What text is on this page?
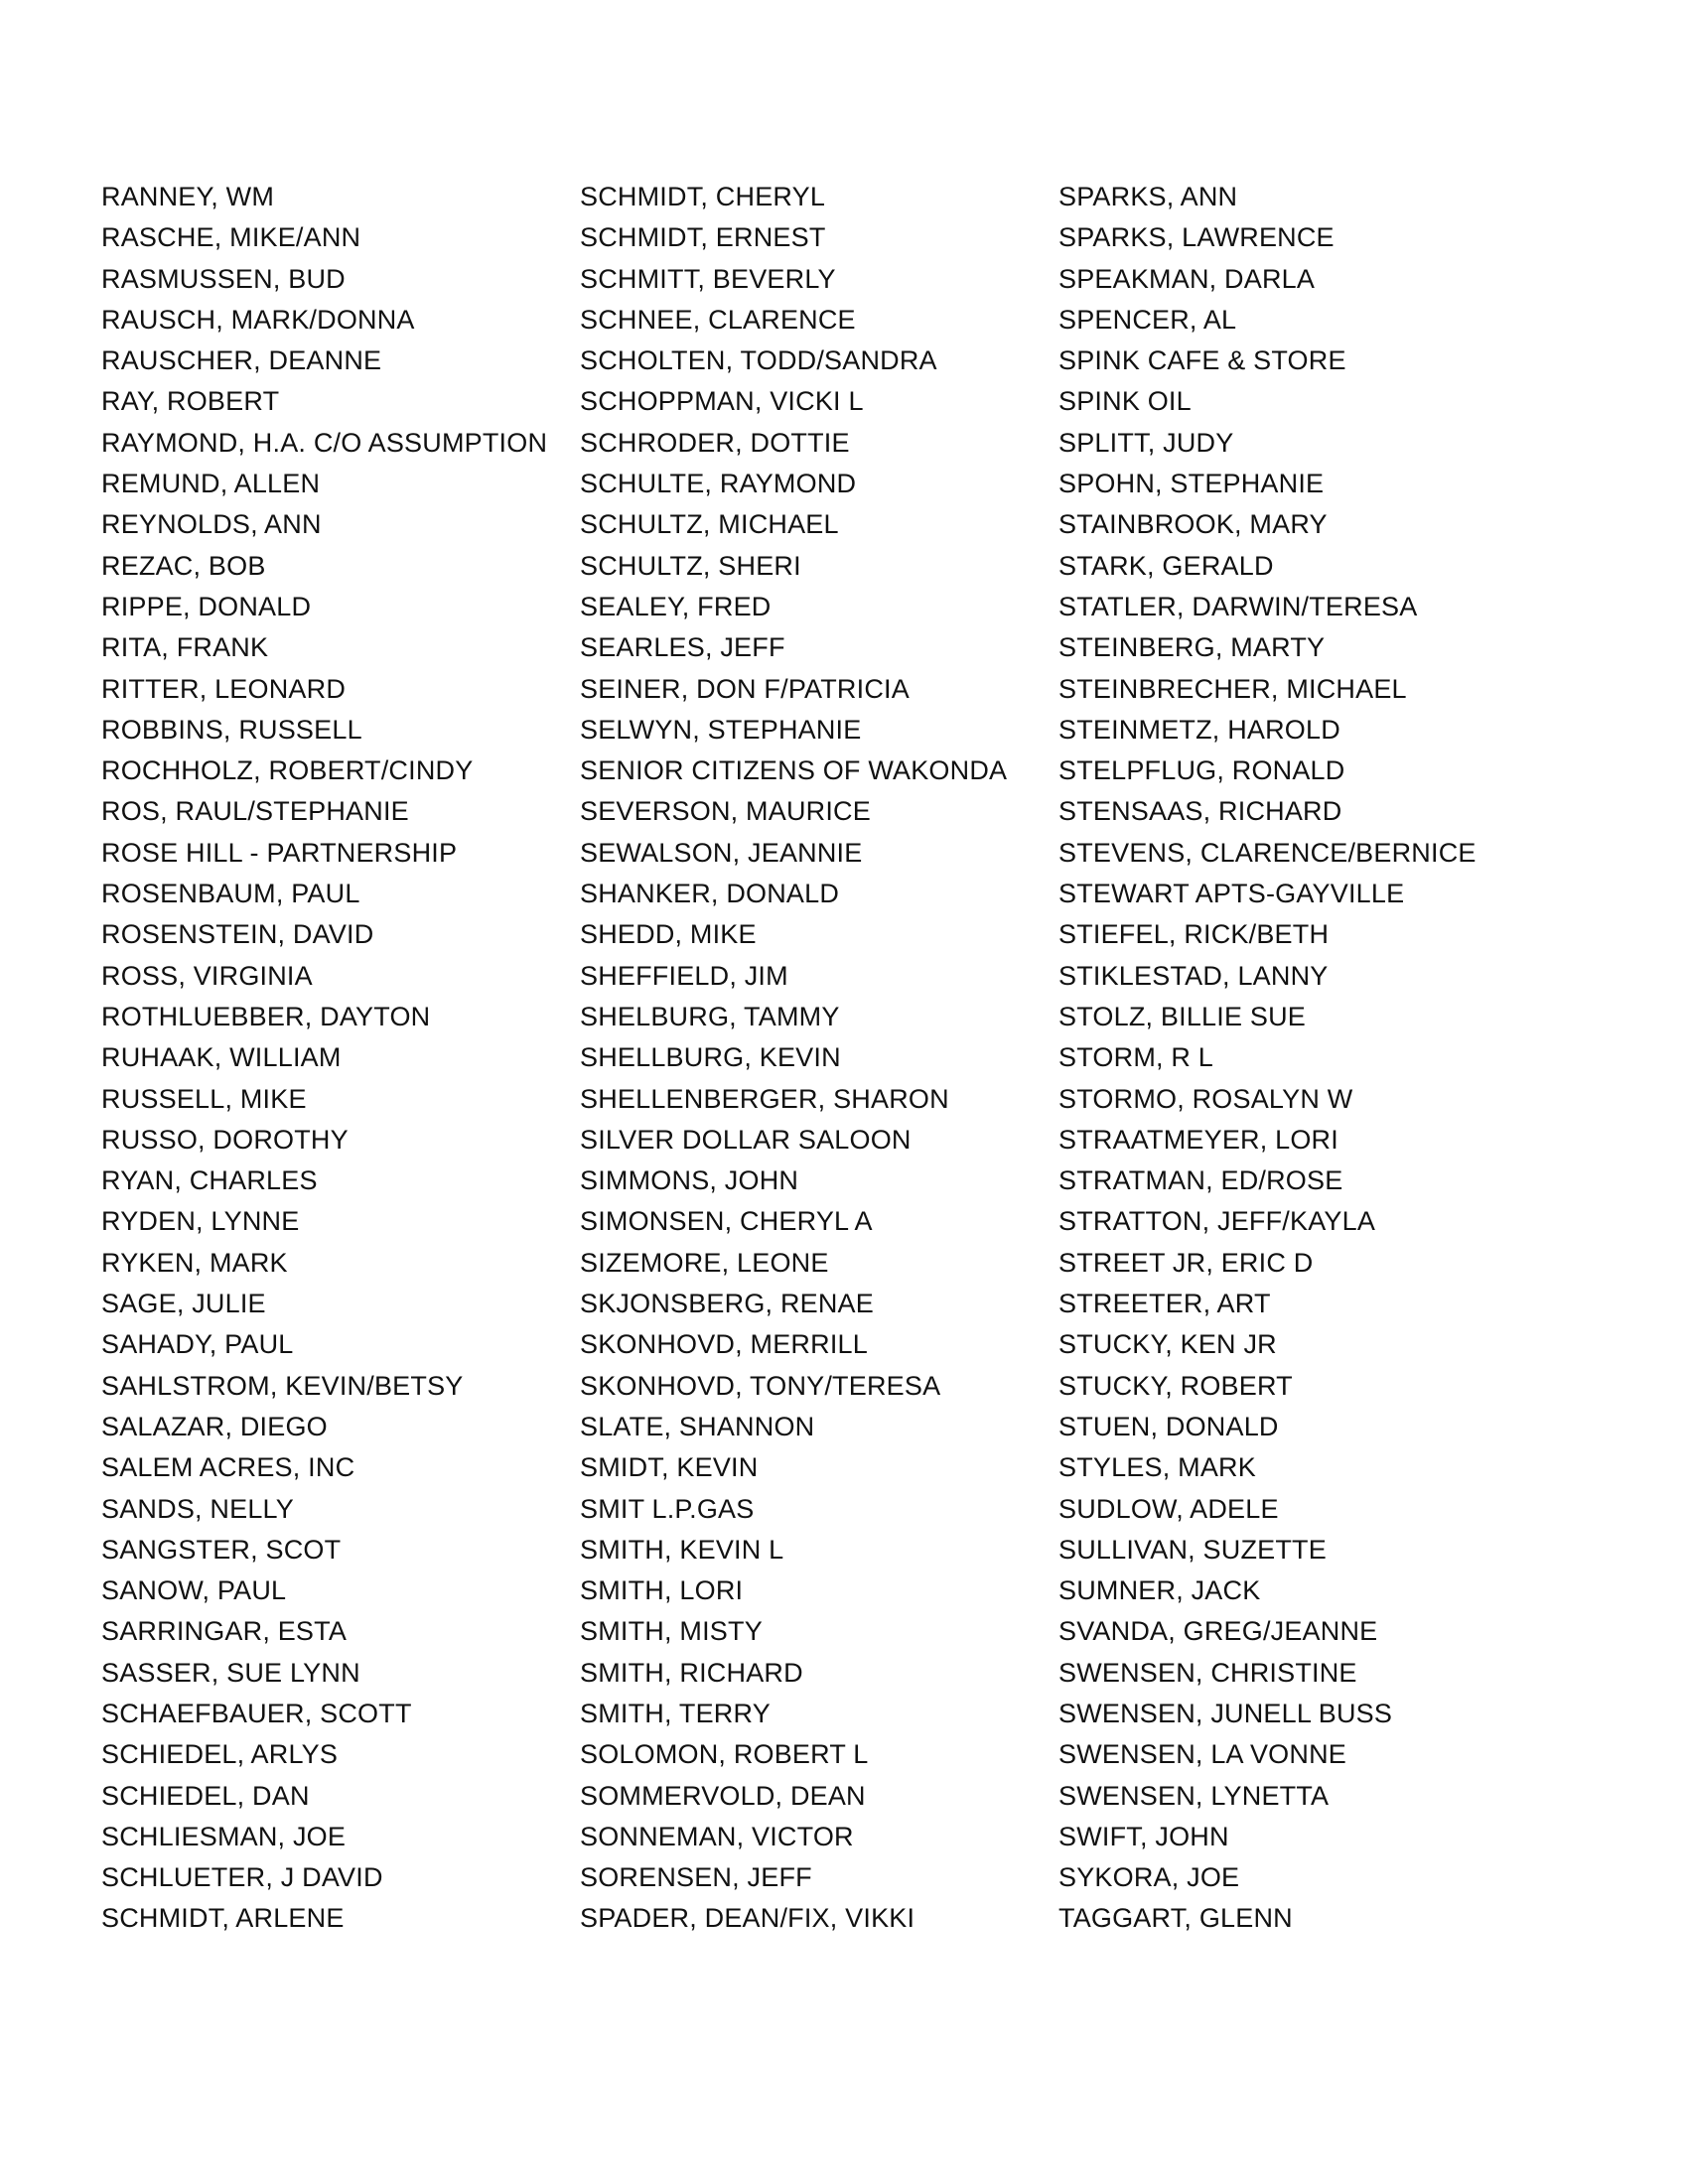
RANNEY, WM
RASCHE, MIKE/ANN
RASMUSSEN, BUD
RAUSCH, MARK/DONNA
RAUSCHER, DEANNE
RAY, ROBERT
RAYMOND, H.A. C/O ASSUMPTION
REMUND, ALLEN
REYNOLDS, ANN
REZAC, BOB
RIPPE, DONALD
RITA, FRANK
RITTER, LEONARD
ROBBINS, RUSSELL
ROCHHOLZ, ROBERT/CINDY
ROS, RAUL/STEPHANIE
ROSE HILL - PARTNERSHIP
ROSENBAUM, PAUL
ROSENSTEIN, DAVID
ROSS, VIRGINIA
ROTHLUEBBER, DAYTON
RUHAAK, WILLIAM
RUSSELL, MIKE
RUSSO, DOROTHY
RYAN, CHARLES
RYDEN, LYNNE
RYKEN, MARK
SAGE, JULIE
SAHADY, PAUL
SAHLSTROM, KEVIN/BETSY
SALAZAR, DIEGO
SALEM ACRES, INC
SANDS, NELLY
SANGSTER, SCOT
SANOW, PAUL
SARRINGAR, ESTA
SASSER, SUE LYNN
SCHAEFBAUER, SCOTT
SCHIEDEL, ARLYS
SCHIEDEL, DAN
SCHLIESMAN, JOE
SCHLUETER, J DAVID
SCHMIDT, ARLENE
SCHMIDT, CHERYL
SCHMIDT, ERNEST
SCHMITT, BEVERLY
SCHNEE, CLARENCE
SCHOLTEN, TODD/SANDRA
SCHOPPMAN, VICKI L
SCHRODER, DOTTIE
SCHULTE, RAYMOND
SCHULTZ, MICHAEL
SCHULTZ, SHERI
SEALEY, FRED
SEARLES, JEFF
SEINER, DON F/PATRICIA
SELWYN, STEPHANIE
SENIOR CITIZENS OF WAKONDA
SEVERSON, MAURICE
SEWALSON, JEANNIE
SHANKER, DONALD
SHEDD, MIKE
SHEFFIELD, JIM
SHELBURG, TAMMY
SHELLBURG, KEVIN
SHELLENBERGER, SHARON
SILVER DOLLAR SALOON
SIMMONS, JOHN
SIMONSEN, CHERYL A
SIZEMORE, LEONE
SKJONSBERG, RENAE
SKONHOVD, MERRILL
SKONHOVD, TONY/TERESA
SLATE, SHANNON
SMIDT, KEVIN
SMIT L.P.GAS
SMITH, KEVIN L
SMITH, LORI
SMITH, MISTY
SMITH, RICHARD
SMITH, TERRY
SOLOMON, ROBERT L
SOMMERVOLD, DEAN
SONNEMAN, VICTOR
SORENSEN, JEFF
SPADER, DEAN/FIX, VIKKI
SPARKS, ANN
SPARKS, LAWRENCE
SPEAKMAN, DARLA
SPENCER, AL
SPINK CAFE & STORE
SPINK OIL
SPLITT, JUDY
SPOHN, STEPHANIE
STAINBROOK, MARY
STARK, GERALD
STATLER, DARWIN/TERESA
STEINBERG, MARTY
STEINBRECHER, MICHAEL
STEINMETZ, HAROLD
STELPFLUG, RONALD
STENSAAS, RICHARD
STEVENS, CLARENCE/BERNICE
STEWART APTS-GAYVILLE
STIEFEL, RICK/BETH
STIKLESTAD, LANNY
STOLZ, BILLIE SUE
STORM, R L
STORMO, ROSALYN W
STRAATMEYER, LORI
STRATMAN, ED/ROSE
STRATTON, JEFF/KAYLA
STREET JR, ERIC D
STREETER, ART
STUCKY, KEN JR
STUCKY, ROBERT
STUEN, DONALD
STYLES, MARK
SUDLOW, ADELE
SULLIVAN, SUZETTE
SUMNER, JACK
SVANDA, GREG/JEANNE
SWENSEN, CHRISTINE
SWENSEN, JUNELL BUSS
SWENSEN, LA VONNE
SWENSEN, LYNETTA
SWIFT, JOHN
SYKORA, JOE
TAGGART, GLENN
